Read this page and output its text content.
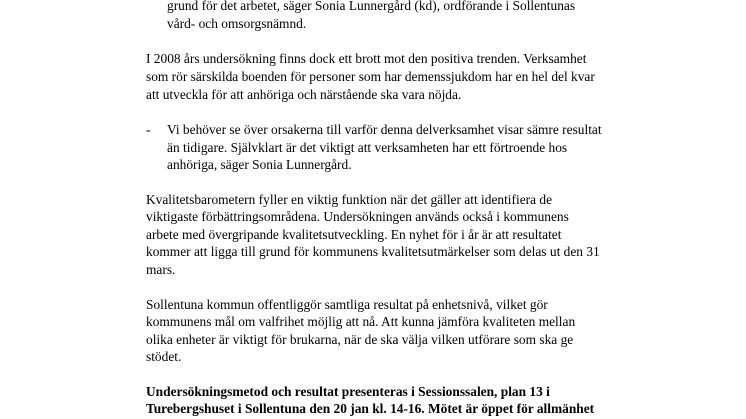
grund för det arbetet, säger Sonia Lunnergård (kd), ordförande i Sollentunas
vård- och omsorgsnämnd.
I 2008 års undersökning finns dock ett brott mot den positiva trenden. Verksamhet
som rör särskilda boenden för personer som har demenssjukdom har en hel del kvar
att utveckla för att anhöriga och närstående ska vara nöjda.
- Vi behöver se över orsakerna till varför denna delverksamhet visar sämre resultat
än tidigare. Självklart är det viktigt att verksamheten har ett förtroende hos
anhöriga, säger Sonia Lunnergård.
Kvalitetsbarometern fyller en viktig funktion när det gäller att identifiera de
viktigaste förbättringsområdena. Undersökningen används också i kommunens
arbete med övergripande kvalitetsutveckling. En nyhet för i år är att resultatet
kommer att ligga till grund för kommunens kvalitetsutmärkelser som delas ut den 31
mars.
Sollentuna kommun offentliggör samtliga resultat på enhetsnivå, vilket gör
kommunens mål om valfrihet möjlig att nå. Att kunna jämföra kvaliteten mellan
olika enheter är viktigt för brukarna, när de ska välja vilken utförare som ska ge
stödet.
Undersökningsmetod och resultat presenteras i Sessionssalen, plan 13 i
Turebergshuset i Sollentuna den 20 jan kl. 14-16. Mötet är öppet för allmänhet
